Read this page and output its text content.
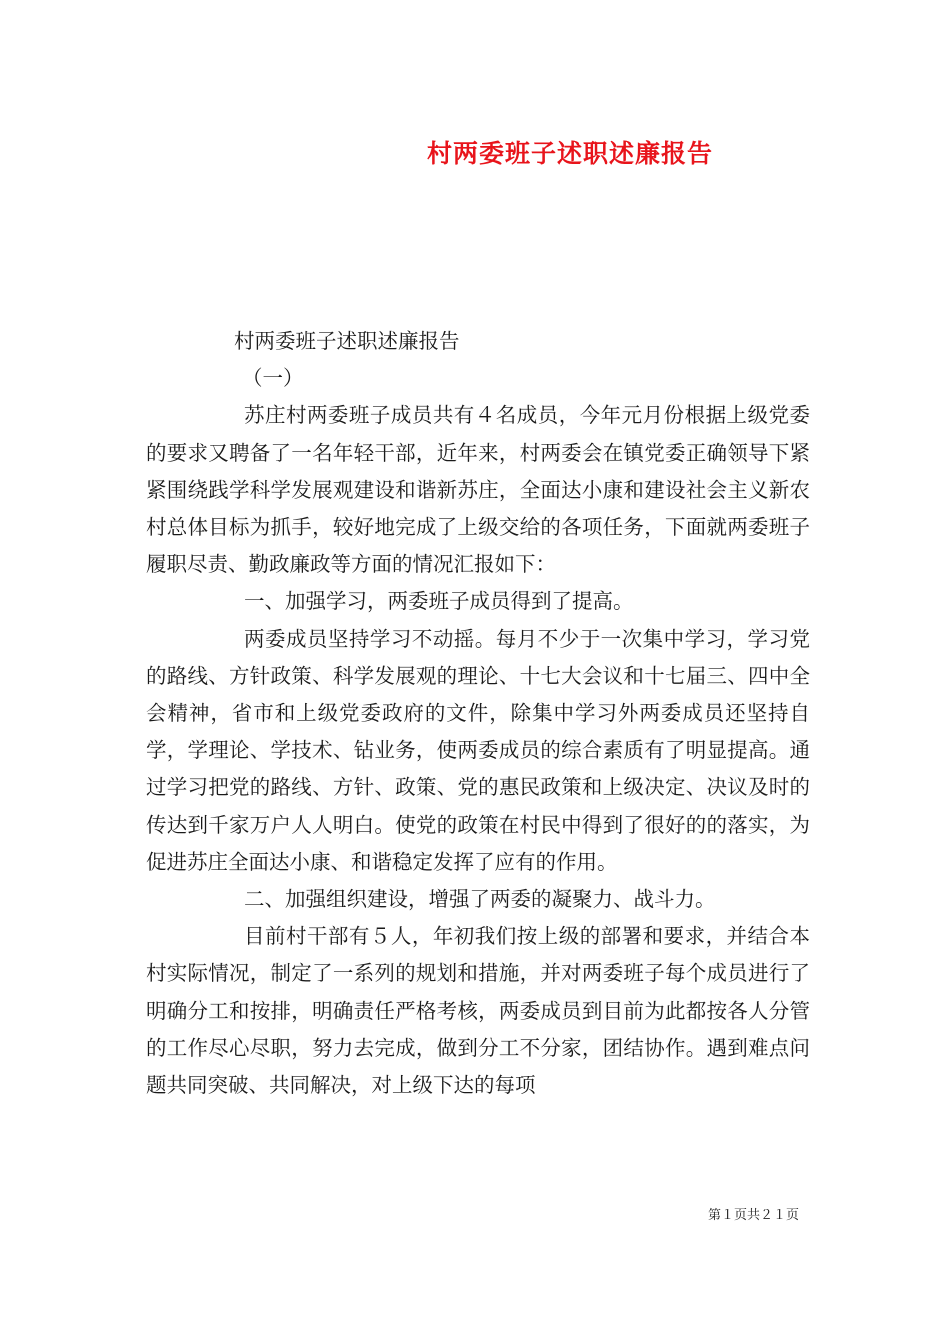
村两委班子述职述廉报告

村两委班子述职述廉报告

（一）

苏庄村两委班子成员共有４名成员，今年元月份根据上级党委的要求又聘备了一名年轻干部，近年来，村两委会在镇党委正确领导下紧紧围绕践学科学发展观建设和谐新苏庄，全面达小康和建设社会主义新农村总体目标为抓手，较好地完成了上级交给的各项任务，下面就两委班子履职尽责、勤政廉政等方面的情况汇报如下：

一、加强学习，两委班子成员得到了提高。

两委成员坚持学习不动摇。每月不少于一次集中学习，学习党的路线、方针政策、科学发展观的理论、十七大会议和十七届三、四中全会精神，省市和上级党委政府的文件，除集中学习外两委成员还坚持自学，学理论、学技术、钻业务，使两委成员的综合素质有了明显提高。通过学习把党的路线、方针、政策、党的惠民政策和上级决定、决议及时的传达到千家万户人人明白。使党的政策在村民中得到了很好的的落实，为促进苏庄全面达小康、和谐稳定发挥了应有的作用。

二、加强组织建设，增强了两委的凝聚力、战斗力。

目前村干部有５人，年初我们按上级的部署和要求，并结合本村实际情况，制定了一系列的规划和措施，并对两委班子每个成员进行了明确分工和按排，明确责任严格考核，两委成员到目前为此都按各人分管的工作尽心尽职，努力去完成，做到分工不分家，团结协作。遇到难点问题共同突破、共同解决，对上级下达的每项

第１页共２１页
